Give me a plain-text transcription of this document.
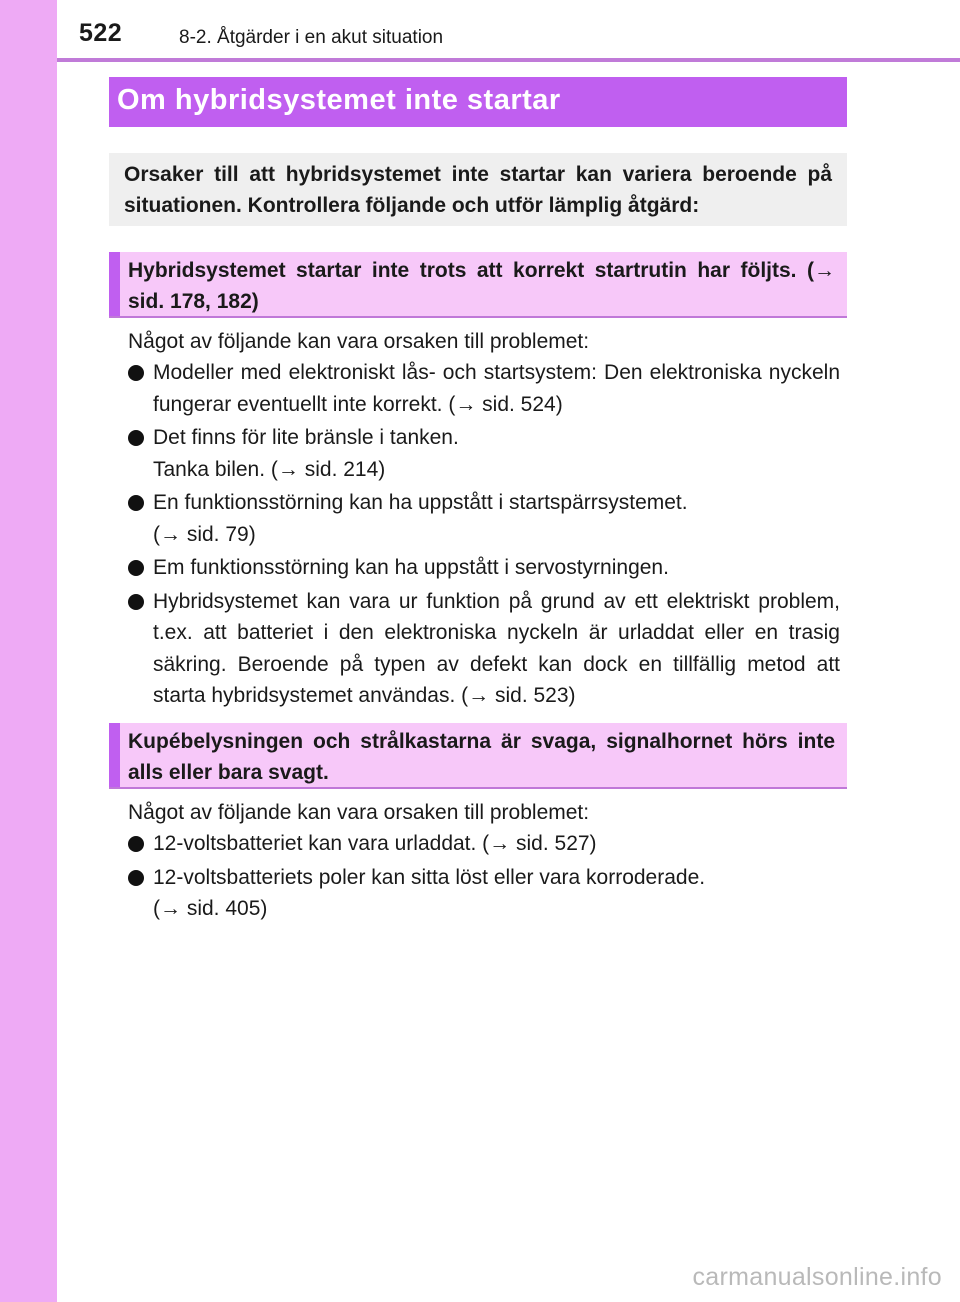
522	8-2. Åtgärder i en akut situation
Om hybridsystemet inte startar

Orsaker till att hybridsystemet inte startar kan variera beroende på situationen. Kontrollera följande och utför lämplig åtgärd:

Hybridsystemet startar inte trots att korrekt startrutin har följts. (→ sid. 178, 182)

Något av följande kan vara orsaken till problemet:
Modeller med elektroniskt lås- och startsystem: Den elektroniska nyckeln fungerar eventuellt inte korrekt. (→ sid. 524)
Det finns för lite bränsle i tanken.
Tanka bilen. (→ sid. 214)
En funktionsstörning kan ha uppstått i startspärrsystemet.
(→ sid. 79)
Em funktionsstörning kan ha uppstått i servostyrningen.
Hybridsystemet kan vara ur funktion på grund av ett elektriskt problem, t.ex. att batteriet i den elektroniska nyckeln är urladdat eller en trasig säkring. Beroende på typen av defekt kan dock en tillfällig metod att starta hybridsystemet användas. (→ sid. 523)

Kupébelysningen och strålkastarna är svaga, signalhornet hörs inte alls eller bara svagt.

Något av följande kan vara orsaken till problemet:
12-voltsbatteriet kan vara urladdat. (→ sid. 527)
12-voltsbatteriets poler kan sitta löst eller vara korroderade.
(→ sid. 405)
carmanualsonline.info
